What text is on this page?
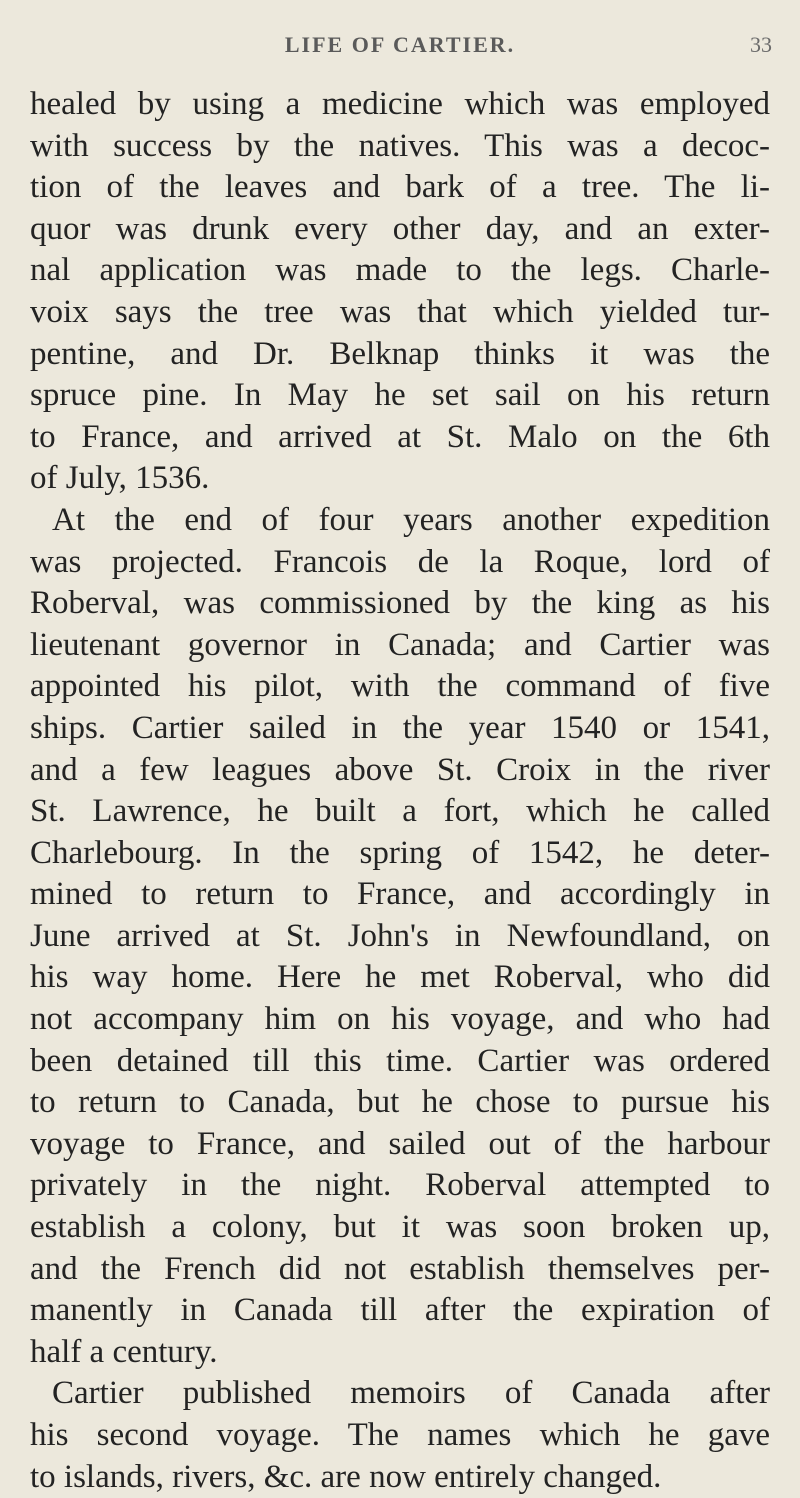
LIFE OF CARTIER.	33
healed by using a medicine which was employed
with success by the natives. This was a decoc-
tion of the leaves and bark of a tree. The li-
quor was drunk every other day, and an exter-
nal application was made to the legs. Charle-
voix says the tree was that which yielded tur-
pentine, and Dr. Belknap thinks it was the
spruce pine. In May he set sail on his return
to France, and arrived at St. Malo on the 6th
of July, 1536.
At the end of four years another expedition
was projected. Francois de la Roque, lord of
Roberval, was commissioned by the king as his
lieutenant governor in Canada; and Cartier was
appointed his pilot, with the command of five
ships. Cartier sailed in the year 1540 or 1541,
and a few leagues above St. Croix in the river
St. Lawrence, he built a fort, which he called
Charlebourg. In the spring of 1542, he deter-
mined to return to France, and accordingly in
June arrived at St. John's in Newfoundland, on
his way home. Here he met Roberval, who did
not accompany him on his voyage, and who had
been detained till this time. Cartier was ordered
to return to Canada, but he chose to pursue his
voyage to France, and sailed out of the harbour
privately in the night. Roberval attempted to
establish a colony, but it was soon broken up,
and the French did not establish themselves per-
manently in Canada till after the expiration of
half a century.
Cartier published memoirs of Canada after
his second voyage. The names which he gave
to islands, rivers, &c. are now entirely changed.
